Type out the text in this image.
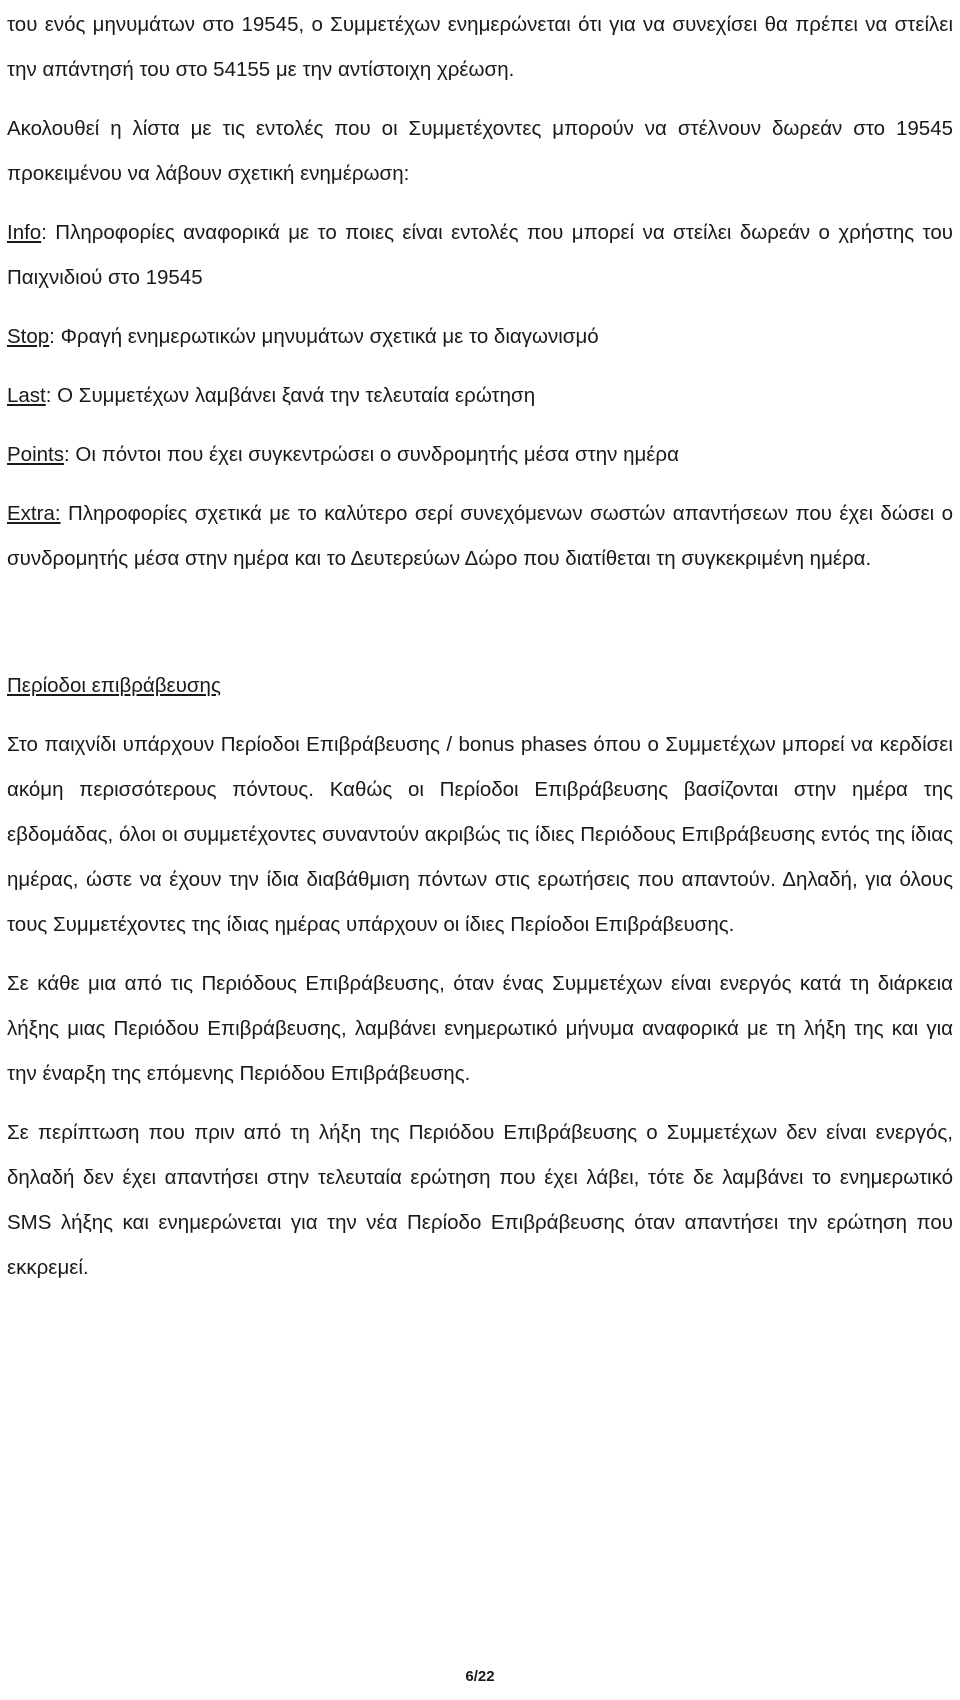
του ενός μηνυμάτων στο 19545, ο Συμμετέχων ενημερώνεται ότι για να συνεχίσει θα πρέπει να στείλει την απάντησή του στο 54155 με την αντίστοιχη χρέωση.

Ακολουθεί η λίστα με τις εντολές που οι Συμμετέχοντες μπορούν να στέλνουν δωρεάν στο 19545 προκειμένου να λάβουν σχετική ενημέρωση:

Info: Πληροφορίες αναφορικά με το ποιες είναι εντολές που μπορεί να στείλει δωρεάν ο χρήστης του Παιχνιδιού στο 19545

Stop: Φραγή ενημερωτικών μηνυμάτων σχετικά με το διαγωνισμό

Last: Ο Συμμετέχων λαμβάνει ξανά την τελευταία ερώτηση

Points: Οι πόντοι που έχει συγκεντρώσει ο συνδρομητής μέσα στην ημέρα

Extra: Πληροφορίες σχετικά με το καλύτερο σερί συνεχόμενων σωστών απαντήσεων που έχει δώσει ο συνδρομητής μέσα στην ημέρα και το Δευτερεύων Δώρο που διατίθεται τη συγκεκριμένη ημέρα.

Περίοδοι επιβράβευσης

Στο παιχνίδι υπάρχουν Περίοδοι Επιβράβευσης / bonus phases όπου ο Συμμετέχων μπορεί να κερδίσει ακόμη περισσότερους πόντους. Καθώς οι Περίοδοι Επιβράβευσης βασίζονται στην ημέρα της εβδομάδας, όλοι οι συμμετέχοντες συναντούν ακριβώς τις ίδιες Περιόδους Επιβράβευσης εντός της ίδιας ημέρας, ώστε να έχουν την ίδια διαβάθμιση πόντων στις ερωτήσεις που απαντούν. Δηλαδή, για όλους τους Συμμετέχοντες της ίδιας ημέρας υπάρχουν οι ίδιες Περίοδοι Επιβράβευσης.

Σε κάθε μια από τις Περιόδους Επιβράβευσης, όταν ένας Συμμετέχων είναι ενεργός κατά τη διάρκεια λήξης μιας Περιόδου Επιβράβευσης, λαμβάνει ενημερωτικό μήνυμα αναφορικά με τη λήξη της και για την έναρξη της επόμενης Περιόδου Επιβράβευσης.

Σε περίπτωση που πριν από τη λήξη της Περιόδου Επιβράβευσης ο Συμμετέχων δεν είναι ενεργός, δηλαδή δεν έχει απαντήσει στην τελευταία ερώτηση που έχει λάβει, τότε δε λαμβάνει το ενημερωτικό SMS λήξης και ενημερώνεται για την νέα Περίοδο Επιβράβευσης όταν απαντήσει την ερώτηση που εκκρεμεί.

6/22
